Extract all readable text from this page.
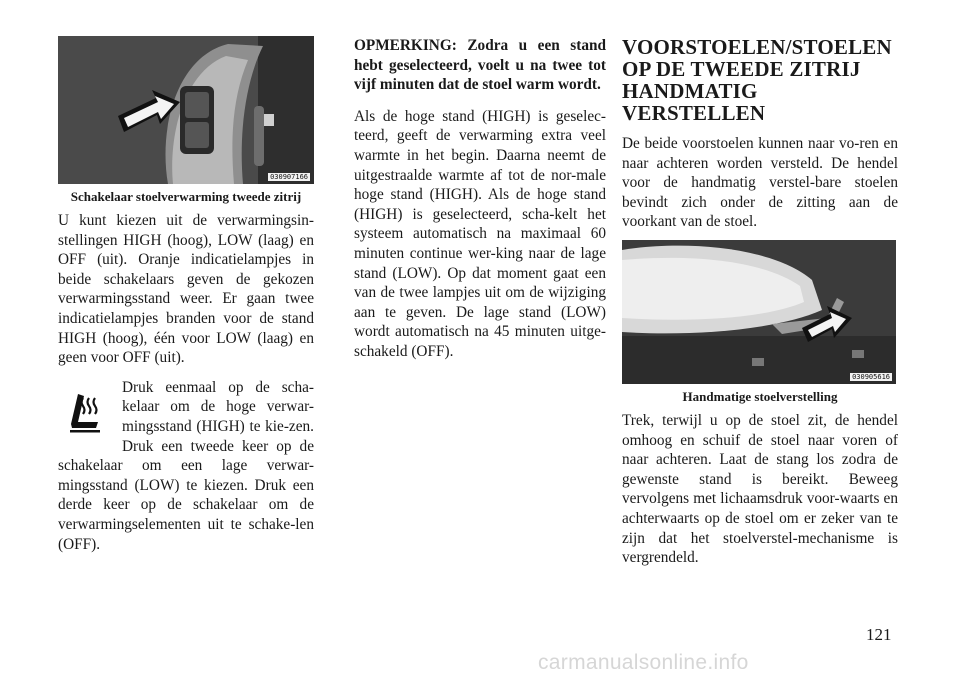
030907166
Schakelaar stoelverwarming tweede zitrij

U kunt kiezen uit de verwarmingsin-stellingen HIGH (hoog), LOW (laag) en OFF (uit). Oranje indicatielampjes in beide schakelaars geven de gekozen verwarmingsstand weer. Er gaan twee indicatielampjes branden voor de stand HIGH (hoog), één voor LOW (laag) en geen voor OFF (uit).

Druk eenmaal op de scha-kelaar om de hoge verwar-mingsstand (HIGH) te kie-zen. Druk een tweede keer op de schakelaar om een lage verwar-mingsstand (LOW) te kiezen. Druk een derde keer op de schakelaar om de verwarmingselementen uit te schake-len (OFF).

OPMERKING: Zodra u een stand hebt geselecteerd, voelt u na twee tot vijf minuten dat de stoel warm wordt.

Als de hoge stand (HIGH) is geselec-teerd, geeft de verwarming extra veel warmte in het begin. Daarna neemt de uitgestraalde warmte af tot de nor-male hoge stand (HIGH). Als de hoge stand (HIGH) is geselecteerd, scha-kelt het systeem automatisch na maximaal 60 minuten continue wer-king naar de lage stand (LOW). Op dat moment gaat een van de twee lampjes uit om de wijziging aan te geven. De lage stand (LOW) wordt automatisch na 45 minuten uitge-schakeld (OFF).

VOORSTOELEN/STOELEN OP DE TWEEDE ZITRIJ HANDMATIG VERSTELLEN

De beide voorstoelen kunnen naar vo-ren en naar achteren worden versteld. De hendel voor de handmatig verstel-bare stoelen bevindt zich onder de zitting aan de voorkant van de stoel.

030905616
Handmatige stoelverstelling

Trek, terwijl u op de stoel zit, de hendel omhoog en schuif de stoel naar voren of naar achteren. Laat de stang los zodra de gewenste stand is bereikt. Beweeg vervolgens met lichaamsdruk voor-waarts en achterwaarts op de stoel om er zeker van te zijn dat het stoelverstel-mechanisme is vergrendeld.

121
carmanualsonline.info
